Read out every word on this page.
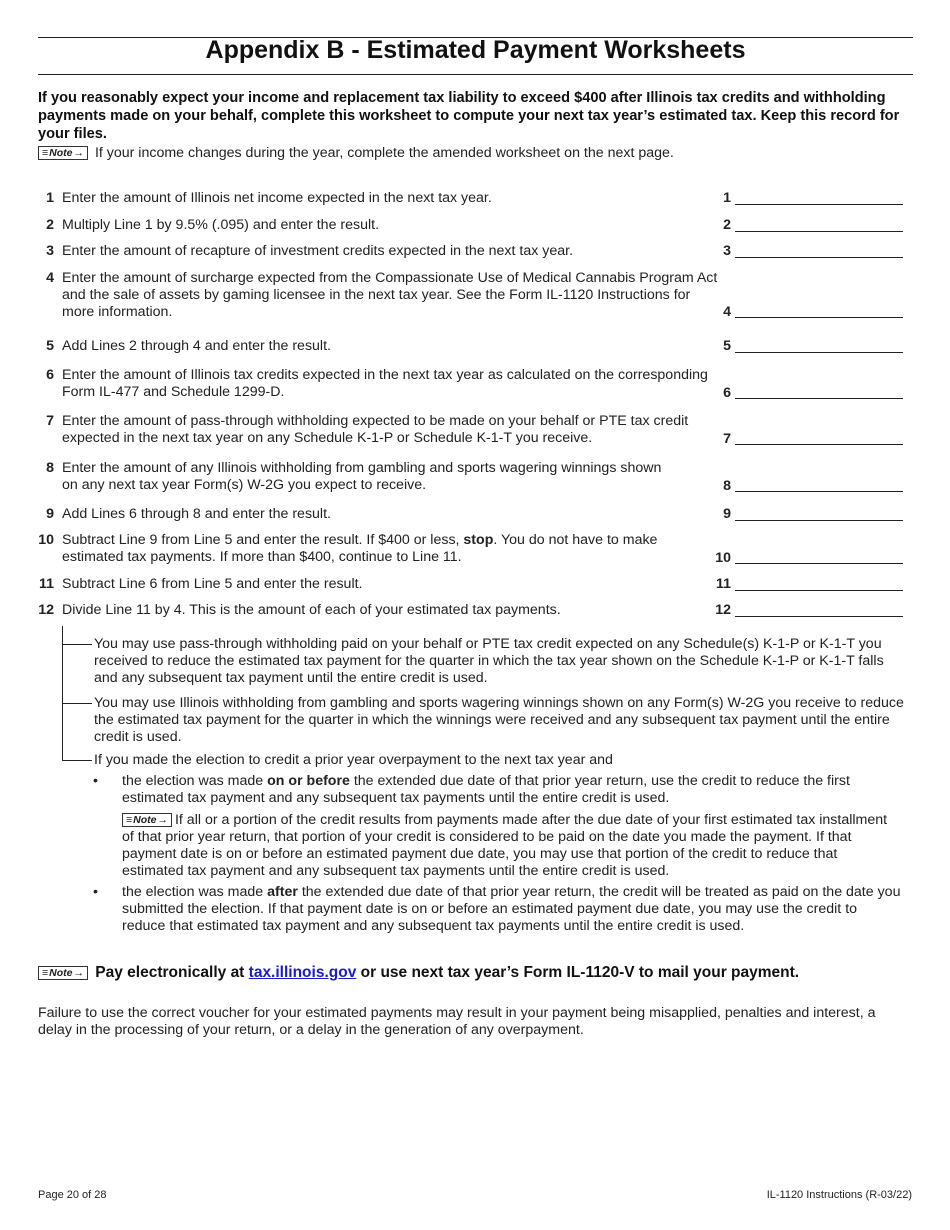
Appendix B - Estimated Payment Worksheets
If you reasonably expect your income and replacement tax liability to exceed $400 after Illinois tax credits and withholding payments made on your behalf, complete this worksheet to compute your next tax year’s estimated tax. Keep this record for your files.
≡ Note → If your income changes during the year, complete the amended worksheet on the next page.
1 Enter the amount of Illinois net income expected in the next tax year.	1
2 Multiply Line 1 by 9.5% (.095) and enter the result.	2
3 Enter the amount of recapture of investment credits expected in the next tax year.	3
4 Enter the amount of surcharge expected from the Compassionate Use of Medical Cannabis Program Act and the sale of assets by gaming licensee in the next tax year. See the Form IL-1120 Instructions for more information.	4
5 Add Lines 2 through 4 and enter the result.	5
6 Enter the amount of Illinois tax credits expected in the next tax year as calculated on the corresponding Form IL-477 and Schedule 1299-D.	6
7 Enter the amount of pass-through withholding expected to be made on your behalf or PTE tax credit expected in the next tax year on any Schedule K-1-P or Schedule K-1-T you receive.	7
8 Enter the amount of any Illinois withholding from gambling and sports wagering winnings shown on any next tax year Form(s) W-2G you expect to receive.	8
9 Add Lines 6 through 8 and enter the result.	9
10 Subtract Line 9 from Line 5 and enter the result. If $400 or less, stop. You do not have to make estimated tax payments. If more than $400, continue to Line 11.	10
11 Subtract Line 6 from Line 5 and enter the result.	11
12 Divide Line 11 by 4. This is the amount of each of your estimated tax payments.	12
You may use pass-through withholding paid on your behalf or PTE tax credit expected on any Schedule(s) K-1-P or K-1-T you received to reduce the estimated tax payment for the quarter in which the tax year shown on the Schedule K-1-P or K-1-T falls and any subsequent tax payment until the entire credit is used.
You may use Illinois withholding from gambling and sports wagering winnings shown on any Form(s) W-2G you receive to reduce the estimated tax payment for the quarter in which the winnings were received and any subsequent tax payment until the entire credit is used.
If you made the election to credit a prior year overpayment to the next tax year and
• the election was made on or before the extended due date of that prior year return, use the credit to reduce the first estimated tax payment and any subsequent tax payments until the entire credit is used.
≡ Note → If all or a portion of the credit results from payments made after the due date of your first estimated tax installment of that prior year return, that portion of your credit is considered to be paid on the date you made the payment. If that payment date is on or before an estimated payment due date, you may use that portion of the credit to reduce that estimated tax payment and any subsequent tax payments until the entire credit is used.
• the election was made after the extended due date of that prior year return, the credit will be treated as paid on the date you submitted the election. If that payment date is on or before an estimated payment due date, you may use the credit to reduce that estimated tax payment and any subsequent tax payments until the entire credit is used.
≡ Note → Pay electronically at tax.illinois.gov or use next tax year’s Form IL-1120-V to mail your payment.
Failure to use the correct voucher for your estimated payments may result in your payment being misapplied, penalties and interest, a delay in the processing of your return, or a delay in the generation of any overpayment.
Page 20 of 28	IL-1120 Instructions (R-03/22)
